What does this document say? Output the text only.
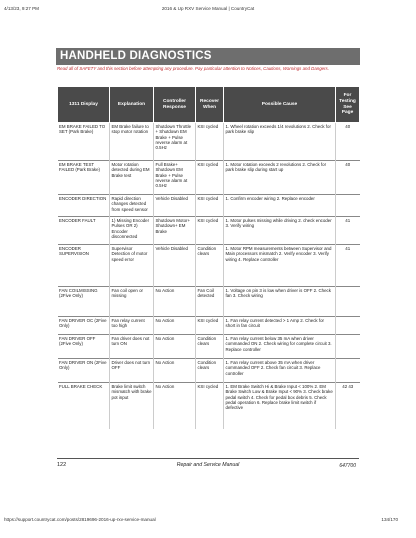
4/13/23, 9:27 PM	2016 & Up RXV Service Manual | CountryCat
HANDHELD DIAGNOSTICS
Read all of SAFETY and this section before attempting any procedure. Pay particular attention to Notices, Cautions, Warnings and Dangers.
1311 Display	Explanation	Controller Response	Recover When	Possible Cause	For Testing See Page
EM BRAKE FAILED TO SET (Park Brake)	EM Brake failure to stop motor rotation	Shutdown Throttle + Shutdown EM Brake + Pulse reverse alarm at 0.5Hz	KSI cycled	1. Wheel rotation exceeds 1/4 revolutions 2. Check for park brake slip	40
EM BRAKE TEST FAILED (Park Brake)	Motor rotation detected during EM Brake test	Full Brake+ Shutdown EM Brake + Pulse reverse alarm at 0.5Hz	KSI cycled	1. Motor rotation exceeds 2 revolutions 2. Check for park brake slip during start up	40
ENCODER DIRECTION	Rapid direction changes detected from speed sensor	Vehicle Disabled	KSI cycled	1. Confirm encoder wiring 2. Replace encoder	
ENCODER FAULT	1) Missing Encoder Pulses OR 2) Encoder disconnected	Shutdown Motor+ Shutdown+ EM Brake	KSI cycled	1. Motor pulses missing while driving 2. check encoder 3. Verify wiring	41
ENCODER SUPERVISION	Supervisor Detection of motor speed error	Vehicle Disabled	Condition clears	1. Motor RPM measurements between Supervisor and Main processors mismatch 2. Verify encoder 3. Verify wiring 4. Replace controller	41
FAN COILMISSING (2Five Only)	Fan coil open or missing	No Action	Fan Coil detected	1. Voltage on pin 3 is low when driver is OFF 2. Check fan 3. Check wiring	
FAN DRIVER OC (2Five Only)	Fan relay current too high	No Action	KSI cycled	1. Fan relay current detected > 1 Amp 2. Check for short in fan circuit	
FAN DRIVER OFF (2Five Only)	Fan driver does not turn ON	No Action	Condition clears	1. Fan relay current below 35 mA when driver commanded ON 2. Check wiring for complete circuit 3. Replace controller	
FAN DRIVER ON (2Five Only)	Driver does not turn OFF	No Action	Condition clears	1. Fan relay current above 35 mA when driver commanded OFF 2. Check fan circuit 3. Replace controller	
FULL BRAKE CHECK	Brake limit switch mismatch with brake pot input	No Action	KSI cycled	1. EM Brake Switch Hi & Brake Input < 100% 2. EM Brake Switch Low & Brake Input < 90% 3. Check brake pedal switch 4. Check for pedal box debris 5. Check pedal operation 6. Replace brake limit switch if defective	42 43
122	Repair and Service Manual	647700
https://support.countrycat.com/posts/2819696-2016-up-rxv-service-manual	134/170
